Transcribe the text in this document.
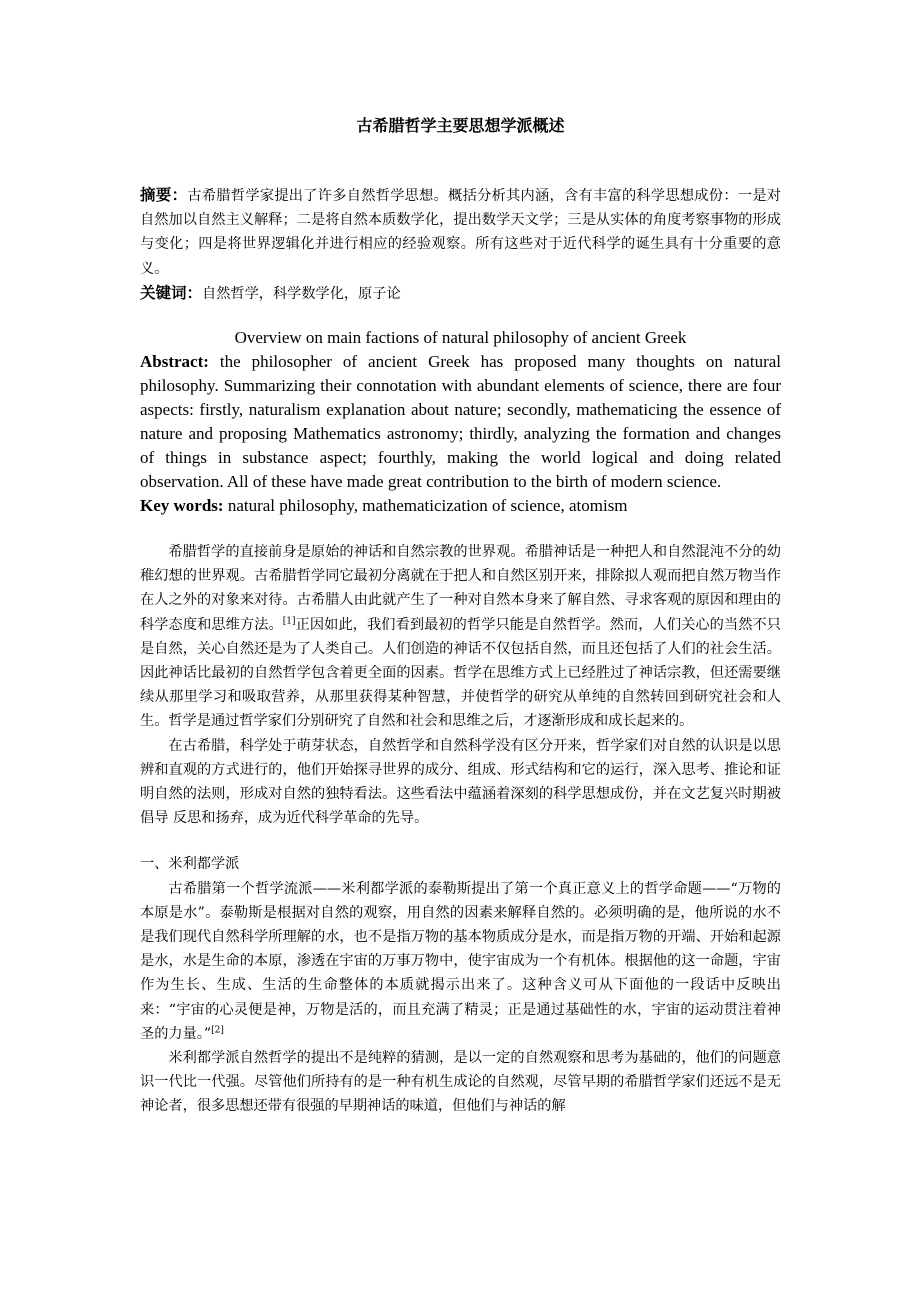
古希腊哲学主要思想学派概述

摘要：古希腊哲学家提出了许多自然哲学思想。概括分析其内涵，含有丰富的科学思想成份：一是对自然加以自然主义解释；二是将自然本质数学化，提出数学天文学；三是从实体的角度考察事物的形成与变化；四是将世界逻辑化并进行相应的经验观察。所有这些对于近代科学的诞生具有十分重要的意义。

关键词：自然哲学，科学数学化，原子论

Overview on main factions of natural philosophy of ancient Greek

Abstract: the philosopher of ancient Greek has proposed many thoughts on natural philosophy. Summarizing their connotation with abundant elements of science, there are four aspects: firstly, naturalism explanation about nature; secondly, mathematicing the essence of nature and proposing Mathematics astronomy; thirdly, analyzing the formation and changes of things in substance aspect; fourthly, making the world logical and doing related observation. All of these have made great contribution to the birth of modern science.

Key words: natural philosophy, mathematicization of science, atomism

希腊哲学的直接前身是原始的神话和自然宗教的世界观。希腊神话是一种把人和自然混沌不分的幼稚幻想的世界观。古希腊哲学同它最初分离就在于把人和自然区别开来，排除拟人观而把自然万物当作在人之外的对象来对待。古希腊人由此就产生了一种对自然本身来了解自然、寻求客观的原因和理由的科学态度和思维方法。[1]正因如此，我们看到最初的哲学只能是自然哲学。然而，人们关心的当然不只是自然，关心自然还是为了人类自己。人们创造的神话不仅包括自然，而且还包括了人们的社会生活。因此神话比最初的自然哲学包含着更全面的因素。哲学在思维方式上已经胜过了神话宗教，但还需要继续从那里学习和吸取营养，从那里获得某种智慧，并使哲学的研究从单纯的自然转回到研究社会和人生。哲学是通过哲学家们分别研究了自然和社会和思维之后，才逐渐形成和成长起来的。

在古希腊，科学处于萌芽状态，自然哲学和自然科学没有区分开来，哲学家们对自然的认识是以思辨和直观的方式进行的，他们开始探寻世界的成分、组成、形式结构和它的运行，深入思考、推论和证明自然的法则，形成对自然的独特看法。这些看法中蕴涵着深刻的科学思想成份，并在文艺复兴时期被倡导 反思和扬弃，成为近代科学革命的先导。

一、米利都学派

古希腊第一个哲学流派——米利都学派的泰勒斯提出了第一个真正意义上的哲学命题——“万物的本原是水”。泰勒斯是根据对自然的观察，用自然的因素来解释自然的。必须明确的是，他所说的水不是我们现代自然科学所理解的水，也不是指万物的基本物质成分是水，而是指万物的开端、开始和起源是水，水是生命的本原，渗透在宇宙的万事万物中，使宇宙成为一个有机体。根据他的这一命题，宇宙作为生长、生成、生活的生命整体的本质就揭示出来了。这种含义可从下面他的一段话中反映出来：“宇宙的心灵便是神，万物是活的，而且充满了精灵；正是通过基础性的水，宇宙的运动贯注着神圣的力量。”[2]

米利都学派自然哲学的提出不是纯粹的猜测，是以一定的自然观察和思考为基础的，他们的问题意识一代比一代强。尽管他们所持有的是一种有机生成论的自然观，尽管早期的希腊哲学家们还远不是无神论者，很多思想还带有很强的早期神话的味道，但他们与神话的解
